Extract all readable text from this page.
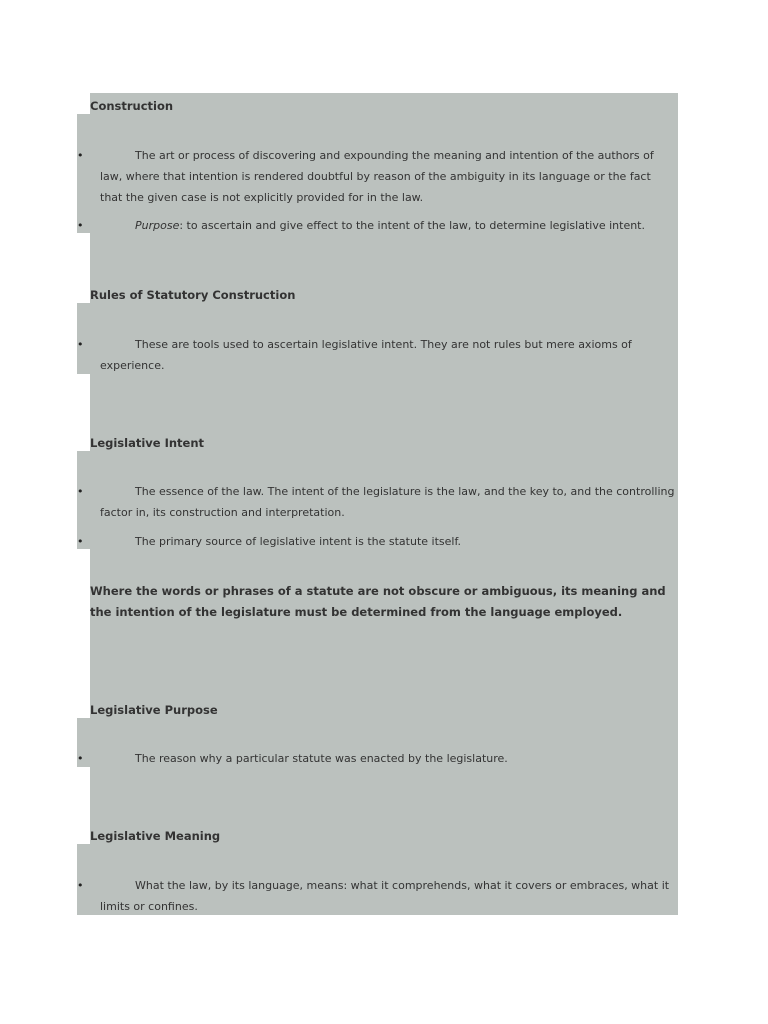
Construction
•	The art or process of discovering and expounding the meaning and intention of the authors of law, where that intention is rendered doubtful by reason of the ambiguity in its language or the fact that the given case is not explicitly provided for in the law.
•	Purpose: to ascertain and give effect to the intent of the law, to determine legislative intent.
Rules of Statutory Construction
•	These are tools used to ascertain legislative intent. They are not rules but mere axioms of experience.
Legislative Intent
•	The essence of the law. The intent of the legislature is the law, and the key to, and the controlling factor in, its construction and interpretation.
•	The primary source of legislative intent is the statute itself.
Where the words or phrases of a statute are not obscure or ambiguous, its meaning and the intention of the legislature must be determined from the language employed.
Legislative Purpose
•	The reason why a particular statute was enacted by the legislature.
Legislative Meaning
•	What the law, by its language, means: what it comprehends, what it covers or embraces, what it limits or confines.
